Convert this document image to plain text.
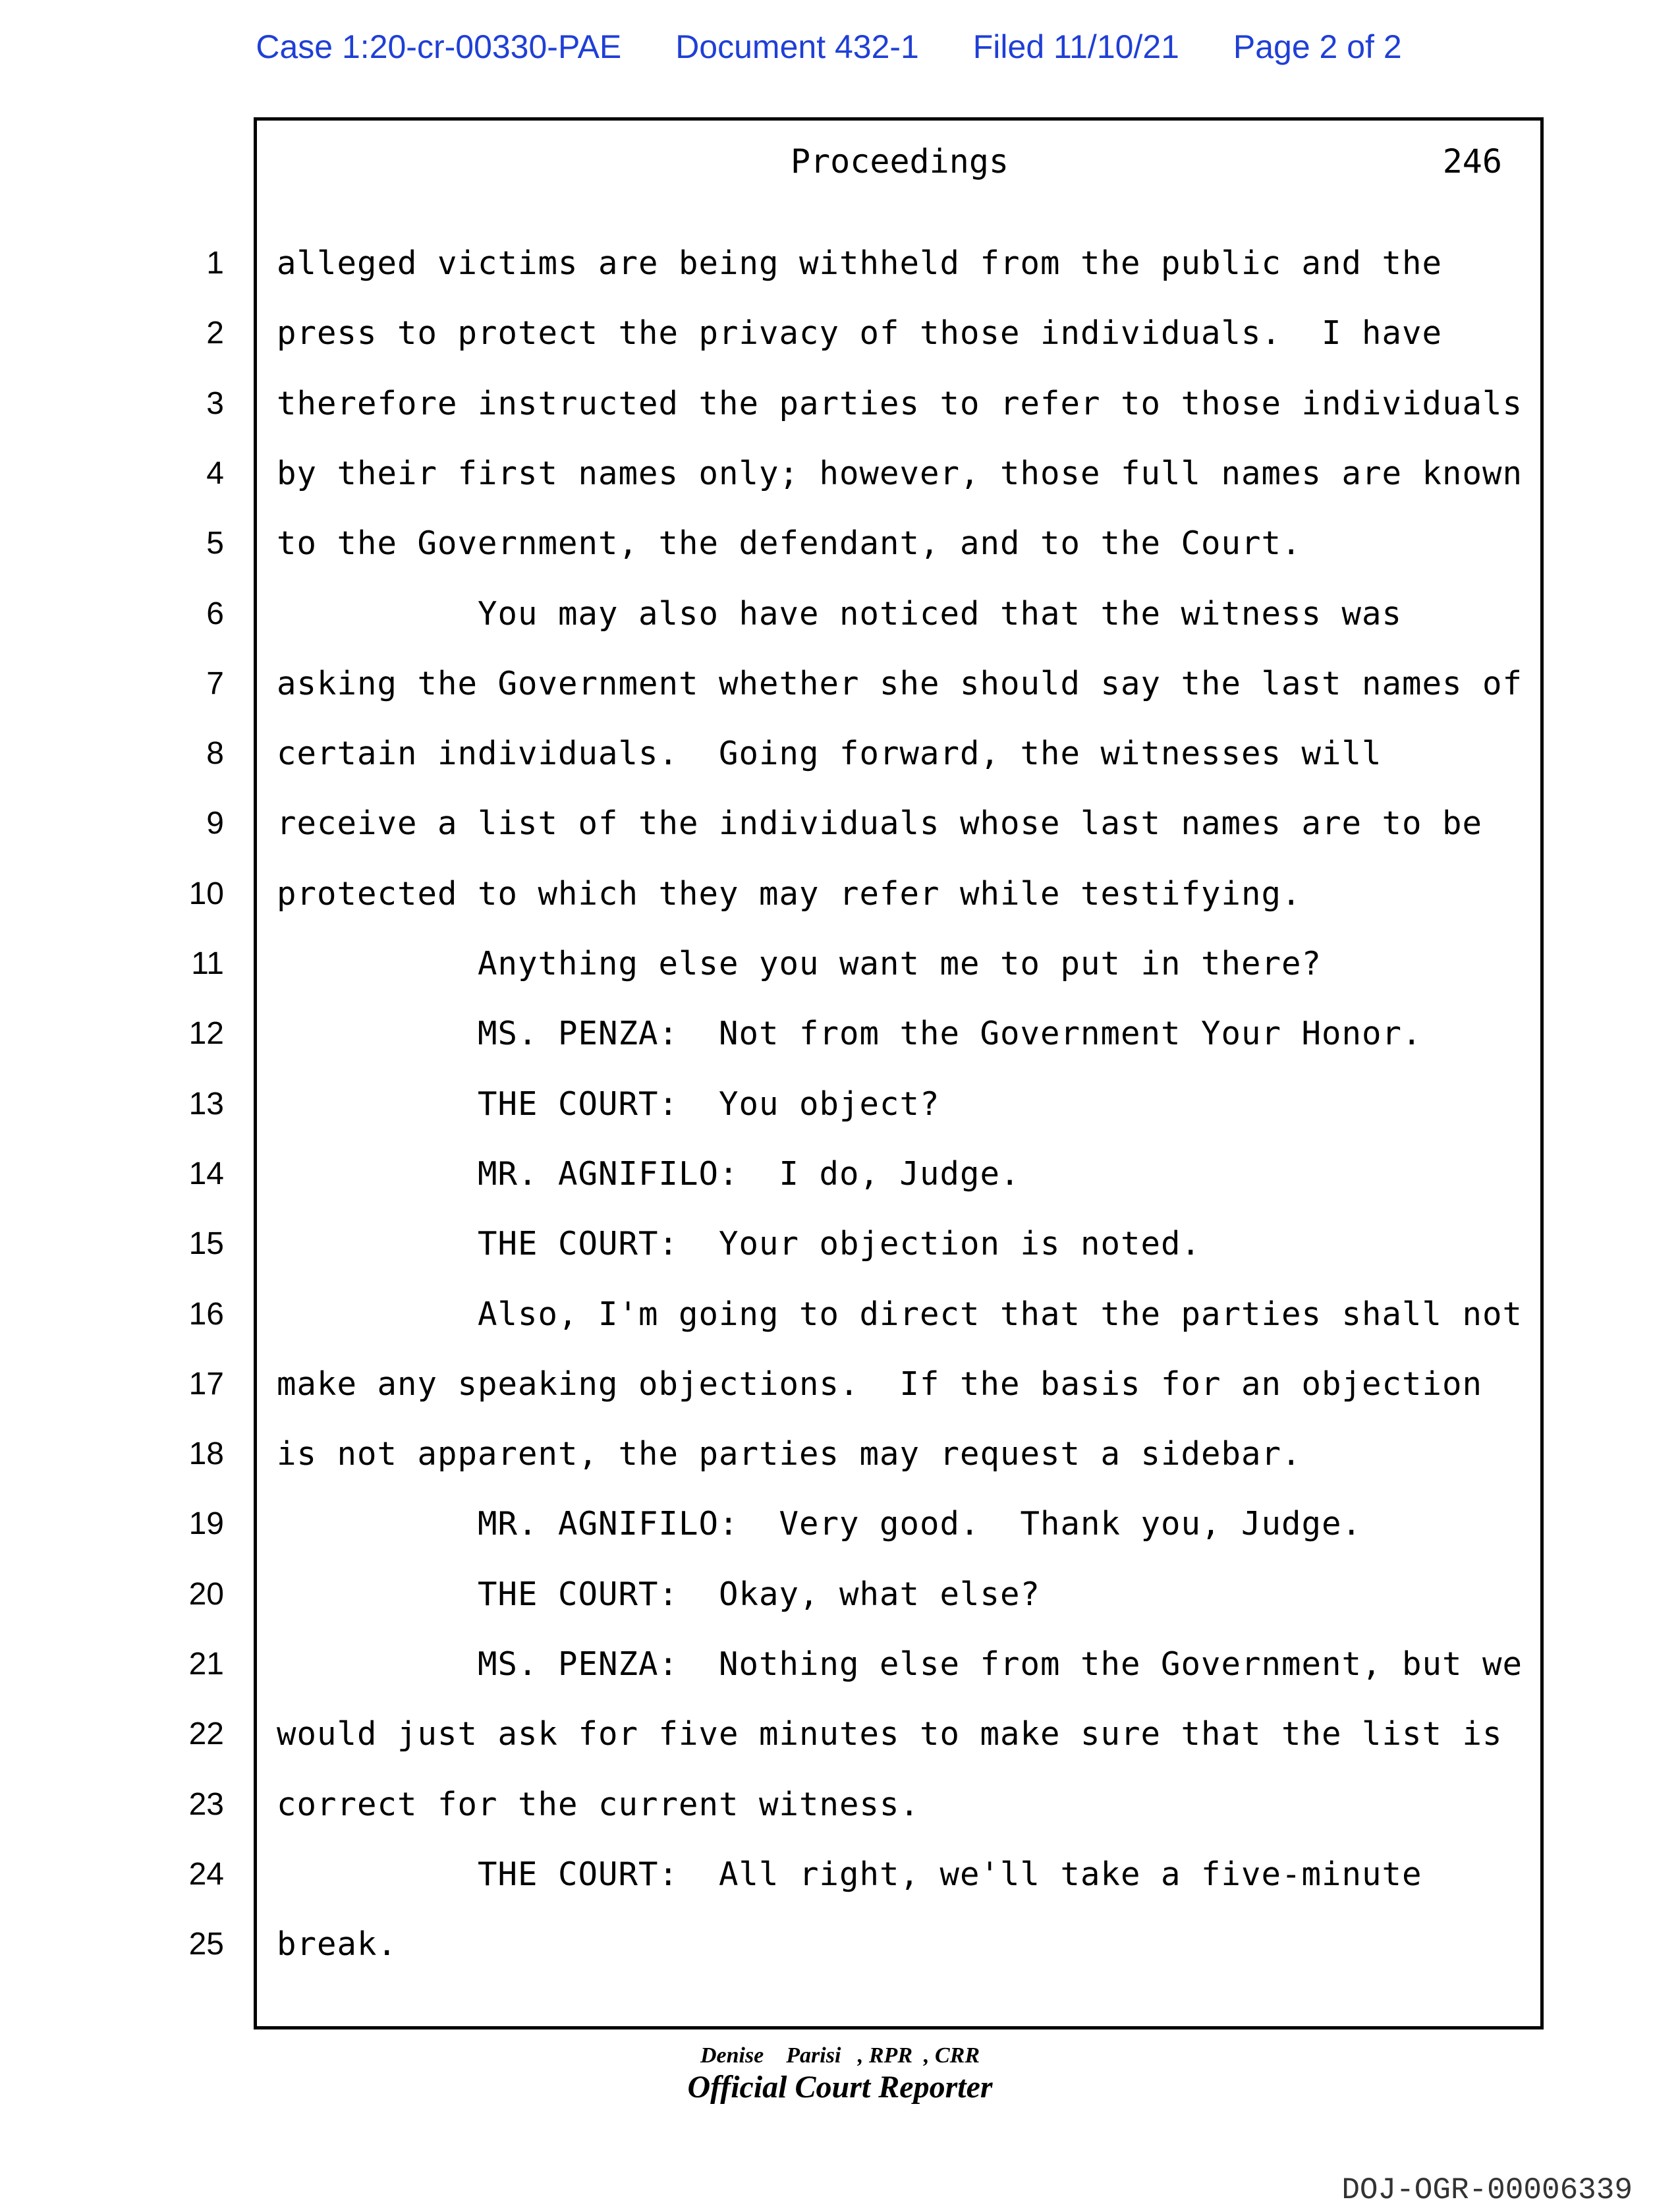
Case 1:20-cr-00330-PAE Document 432-1 Filed 11/10/21 Page 2 of 2
Proceedings	246
1 alleged victims are being withheld from the public and the
2 press to protect the privacy of those individuals.  I have
3 therefore instructed the parties to refer to those individuals
4 by their first names only; however, those full names are known
5 to the Government, the defendant, and to the Court.
6 You may also have noticed that the witness was
7 asking the Government whether she should say the last names of
8 certain individuals.  Going forward, the witnesses will
9 receive a list of the individuals whose last names are to be
10 protected to which they may refer while testifying.
11 Anything else you want me to put in there?
12 MS. PENZA:  Not from the Government Your Honor.
13 THE COURT:  You object?
14 MR. AGNIFILO:  I do, Judge.
15 THE COURT:  Your objection is noted.
16 Also, I'm going to direct that the parties shall not
17 make any speaking objections.  If the basis for an objection
18 is not apparent, the parties may request a sidebar.
19 MR. AGNIFILO:  Very good.  Thank you, Judge.
20 THE COURT:  Okay, what else?
21 MS. PENZA:  Nothing else from the Government, but we
22 would just ask for five minutes to make sure that the list is
23 correct for the current witness.
24 THE COURT:  All right, we'll take a five-minute
25 break.
Denise    Parisi   , RPR  , CRR
Official Court Reporter
DOJ-OGR-00006339
